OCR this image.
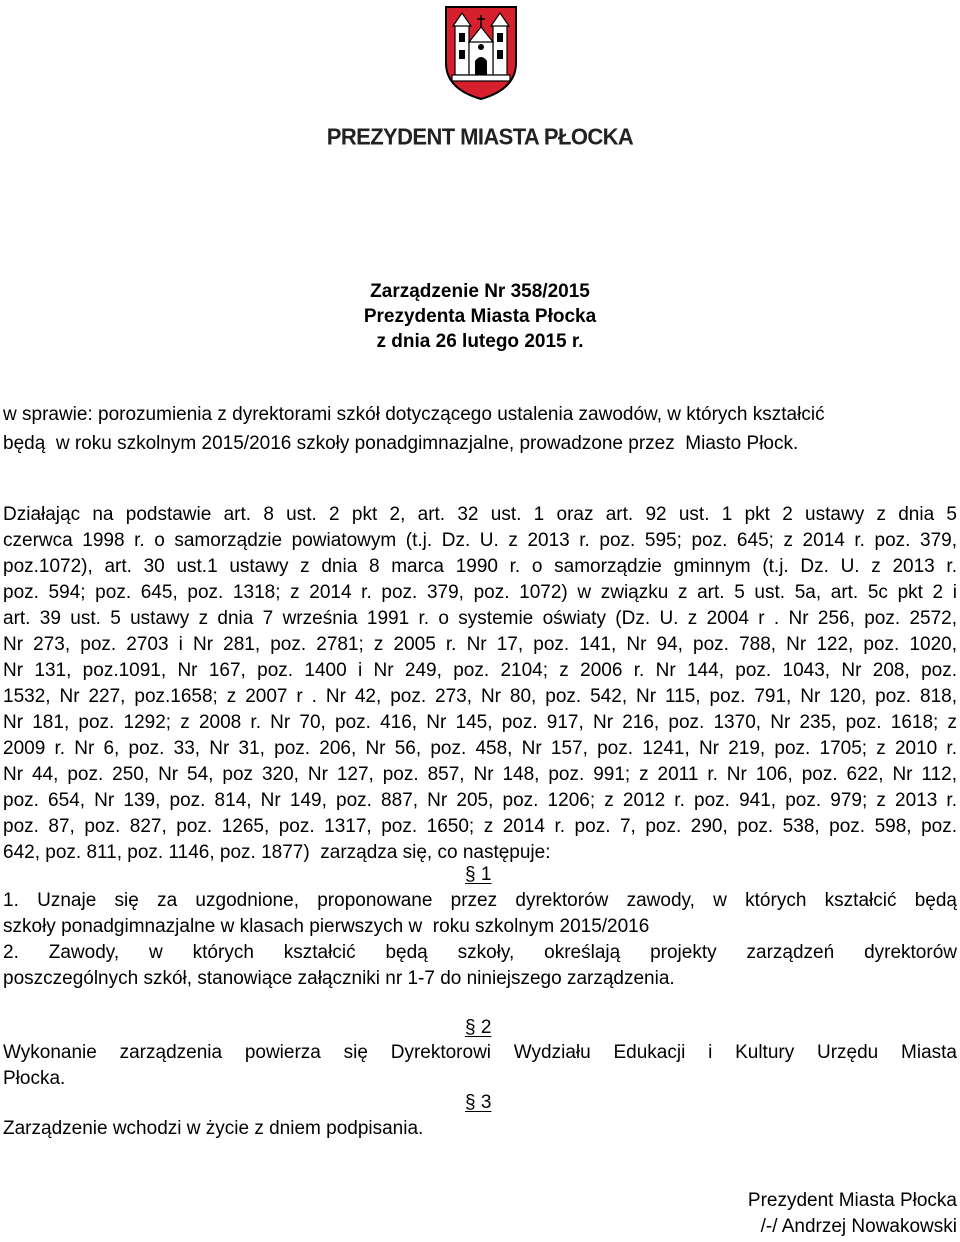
PREZYDENT MIASTA PŁOCKA
Zarządzenie Nr 358/2015
Prezydenta Miasta Płocka
z dnia 26 lutego 2015 r.
w sprawie: porozumienia z dyrektorami szkół dotyczącego ustalenia zawodów, w których kształcić
będą  w roku szkolnym 2015/2016 szkoły ponadgimnazjalne, prowadzone przez  Miasto Płock.
Działając na podstawie art. 8 ust. 2 pkt 2, art. 32 ust. 1 oraz art. 92 ust. 1 pkt 2 ustawy z dnia 5
czerwca 1998 r. o samorządzie powiatowym (t.j. Dz. U. z 2013 r. poz. 595; poz. 645; z 2014 r. poz. 379,
poz.1072), art. 30 ust.1 ustawy z dnia 8 marca 1990 r. o samorządzie gminnym (t.j. Dz. U. z 2013 r.
poz. 594; poz. 645, poz. 1318; z 2014 r. poz. 379, poz. 1072) w związku z art. 5 ust. 5a, art. 5c pkt 2 i
art. 39 ust. 5 ustawy z dnia 7 września 1991 r. o systemie oświaty (Dz. U. z 2004 r . Nr 256, poz. 2572,
Nr 273, poz. 2703 i Nr 281, poz. 2781; z 2005 r. Nr 17, poz. 141, Nr 94, poz. 788, Nr 122, poz. 1020,
Nr 131, poz.1091, Nr 167, poz. 1400 i Nr 249, poz. 2104; z 2006 r. Nr 144, poz. 1043, Nr 208, poz.
1532, Nr 227, poz.1658; z 2007 r . Nr 42, poz. 273, Nr 80, poz. 542, Nr 115, poz. 791, Nr 120, poz. 818,
Nr 181, poz. 1292; z 2008 r. Nr 70, poz. 416, Nr 145, poz. 917, Nr 216, poz. 1370, Nr 235, poz. 1618; z
2009 r. Nr 6, poz. 33, Nr 31, poz. 206, Nr 56, poz. 458, Nr 157, poz. 1241, Nr 219, poz. 1705; z 2010 r.
Nr 44, poz. 250, Nr 54, poz 320, Nr 127, poz. 857, Nr 148, poz. 991; z 2011 r. Nr 106, poz. 622, Nr 112,
poz. 654, Nr 139, poz. 814, Nr 149, poz. 887, Nr 205, poz. 1206; z 2012 r. poz. 941, poz. 979; z 2013 r.
poz. 87, poz. 827, poz. 1265, poz. 1317, poz. 1650; z 2014 r. poz. 7, poz. 290, poz. 538, poz. 598, poz.
642, poz. 811, poz. 1146, poz. 1877)  zarządza się, co następuje:
§ 1
1. Uznaje się za uzgodnione, proponowane przez dyrektorów zawody, w których kształcić będą
szkoły ponadgimnazjalne w klasach pierwszych w  roku szkolnym 2015/2016
2. Zawody, w których kształcić będą szkoły, określają projekty zarządzeń dyrektorów
poszczególnych szkół, stanowiące załączniki nr 1-7 do niniejszego zarządzenia.
§ 2
Wykonanie zarządzenia powierza się Dyrektorowi Wydziału Edukacji i Kultury Urzędu Miasta
Płocka.
§ 3
Zarządzenie wchodzi w życie z dniem podpisania.
Prezydent Miasta Płocka
/-/ Andrzej Nowakowski
